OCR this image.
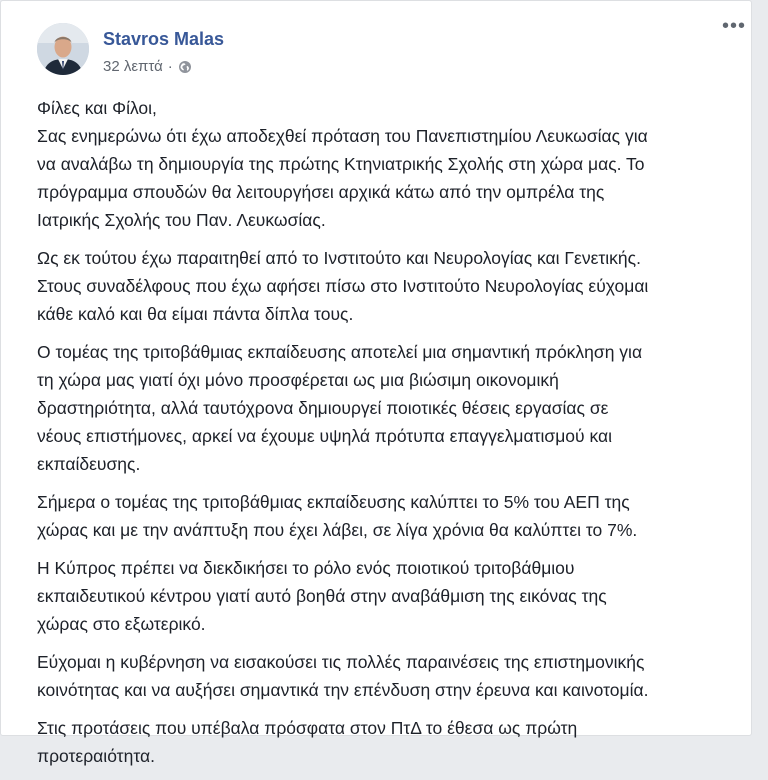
Stavros Malas
32 λεπτά ·
•••

Φίλες και Φίλοι,
Σας ενημερώνω ότι έχω αποδεχθεί πρόταση του Πανεπιστημίου Λευκωσίας για
να αναλάβω τη δημιουργία της πρώτης Κτηνιατρικής Σχολής στη χώρα μας. Το
πρόγραμμα σπουδών θα λειτουργήσει αρχικά κάτω από την ομπρέλα της
Ιατρικής Σχολής του Παν. Λευκωσίας.

Ως εκ τούτου έχω παραιτηθεί από το Ινστιτούτο και Νευρολογίας και Γενετικής.
Στους συναδέλφους που έχω αφήσει πίσω στο Ινστιτούτο Νευρολογίας εύχομαι
κάθε καλό και θα είμαι πάντα δίπλα τους.

Ο τομέας της τριτοβάθμιας εκπαίδευσης αποτελεί μια σημαντική πρόκληση για
τη χώρα μας γιατί όχι μόνο προσφέρεται ως μια βιώσιμη οικονομική
δραστηριότητα, αλλά ταυτόχρονα δημιουργεί ποιοτικές θέσεις εργασίας σε
νέους επιστήμονες, αρκεί να έχουμε υψηλά πρότυπα επαγγελματισμού και
εκπαίδευσης.

Σήμερα ο τομέας της τριτοβάθμιας εκπαίδευσης καλύπτει το 5% του ΑΕΠ της
χώρας και με την ανάπτυξη που έχει λάβει, σε λίγα χρόνια θα καλύπτει το 7%.

Η Κύπρος πρέπει να διεκδικήσει το ρόλο ενός ποιοτικού τριτοβάθμιου
εκπαιδευτικού κέντρου γιατί αυτό βοηθά στην αναβάθμιση της εικόνας της
χώρας στο εξωτερικό.

Εύχομαι η κυβέρνηση να εισακούσει τις πολλές παραινέσεις της επιστημονικής
κοινότητας και να αυξήσει σημαντικά την επένδυση στην έρευνα και καινοτομία.

Στις προτάσεις που υπέβαλα πρόσφατα στον ΠτΔ το έθεσα ως πρώτη
προτεραιότητα.
